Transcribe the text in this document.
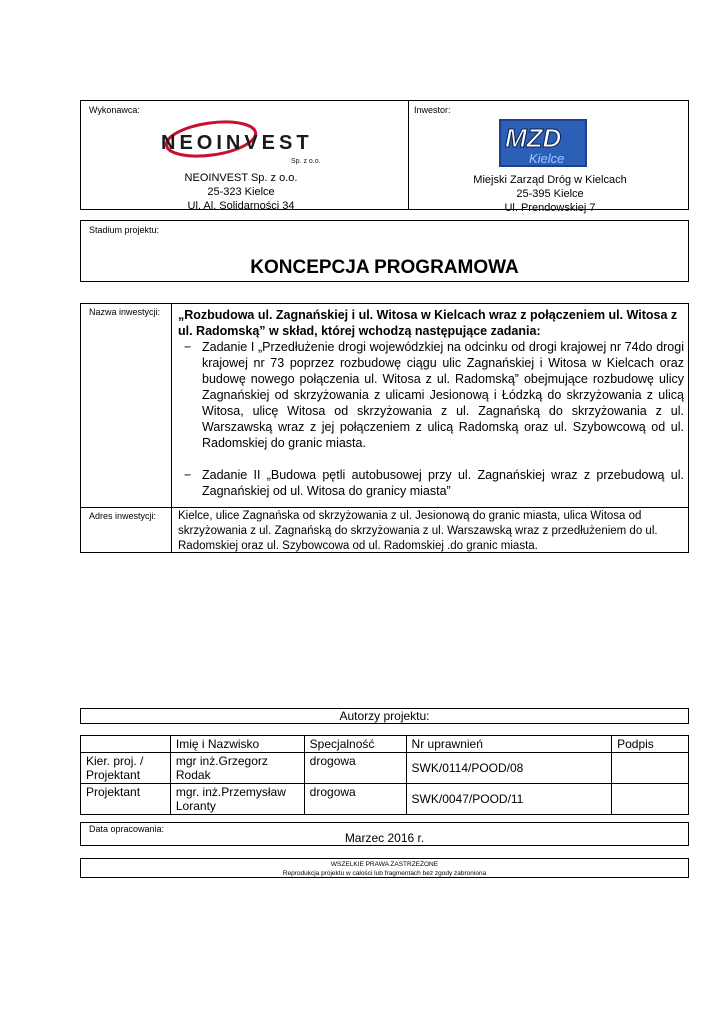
Wykonawca:	Inwestor:
NEOINVEST
Sp. z o.o.
NEOINVEST Sp. z o.o.
25-323 Kielce
Ul. Al. Solidarności 34
MZD
Kielce
Miejski Zarząd Dróg w Kielcach
25-395 Kielce
Ul. Prendowskiej 7
Stadium projektu:
KONCEPCJA PROGRAMOWA
Nazwa inwestycji: „Rozbudowa ul. Zagnańskiej i ul. Witosa w Kielcach wraz z połączeniem ul. Witosa z ul. Radomską” w skład, której wchodzą następujące zadania:
− Zadanie I „Przedłużenie drogi wojewódzkiej na odcinku od drogi krajowej nr 74do drogi krajowej nr 73 poprzez rozbudowę ciągu ulic Zagnańskiej i Witosa w Kielcach oraz budowę nowego połączenia ul. Witosa z ul. Radomską” obejmujące rozbudowę ulicy Zagnańskiej od skrzyżowania z ulicami Jesionową i Łódzką do skrzyżowania z ulicą Witosa, ulicę Witosa od skrzyżowania z ul. Zagnańską do skrzyżowania z ul. Warszawską wraz z jej połączeniem z ulicą Radomską oraz ul. Szybowcową od ul. Radomskiej do granic miasta.
− Zadanie II „Budowa pętli autobusowej przy ul. Zagnańskiej wraz z przebudową ul. Zagnańskiej od ul. Witosa do granicy miasta”
Adres inwestycji: Kielce, ulice Zagnańska od skrzyżowania z ul. Jesionową do granic miasta, ulica Witosa od skrzyżowania z ul. Zagnańską do skrzyżowania z ul. Warszawską wraz z przedłużeniem do ul. Radomskiej oraz ul. Szybowcowa od ul. Radomskiej .do granic miasta.
Autorzy projektu:
	Imię i Nazwisko	Specjalność	Nr uprawnień	Podpis
Kier. proj. / Projektant	mgr inż.Grzegorz Rodak	drogowa	SWK/0114/POOD/08	
Projektant	mgr. inż.Przemysław Loranty	drogowa	SWK/0047/POOD/11	
Data opracowania:
Marzec 2016 r.
WSZELKIE PRAWA ZASTRZEŻONE
Reprodukcja projektu w całości lub fragmentach bez zgody zabroniona
